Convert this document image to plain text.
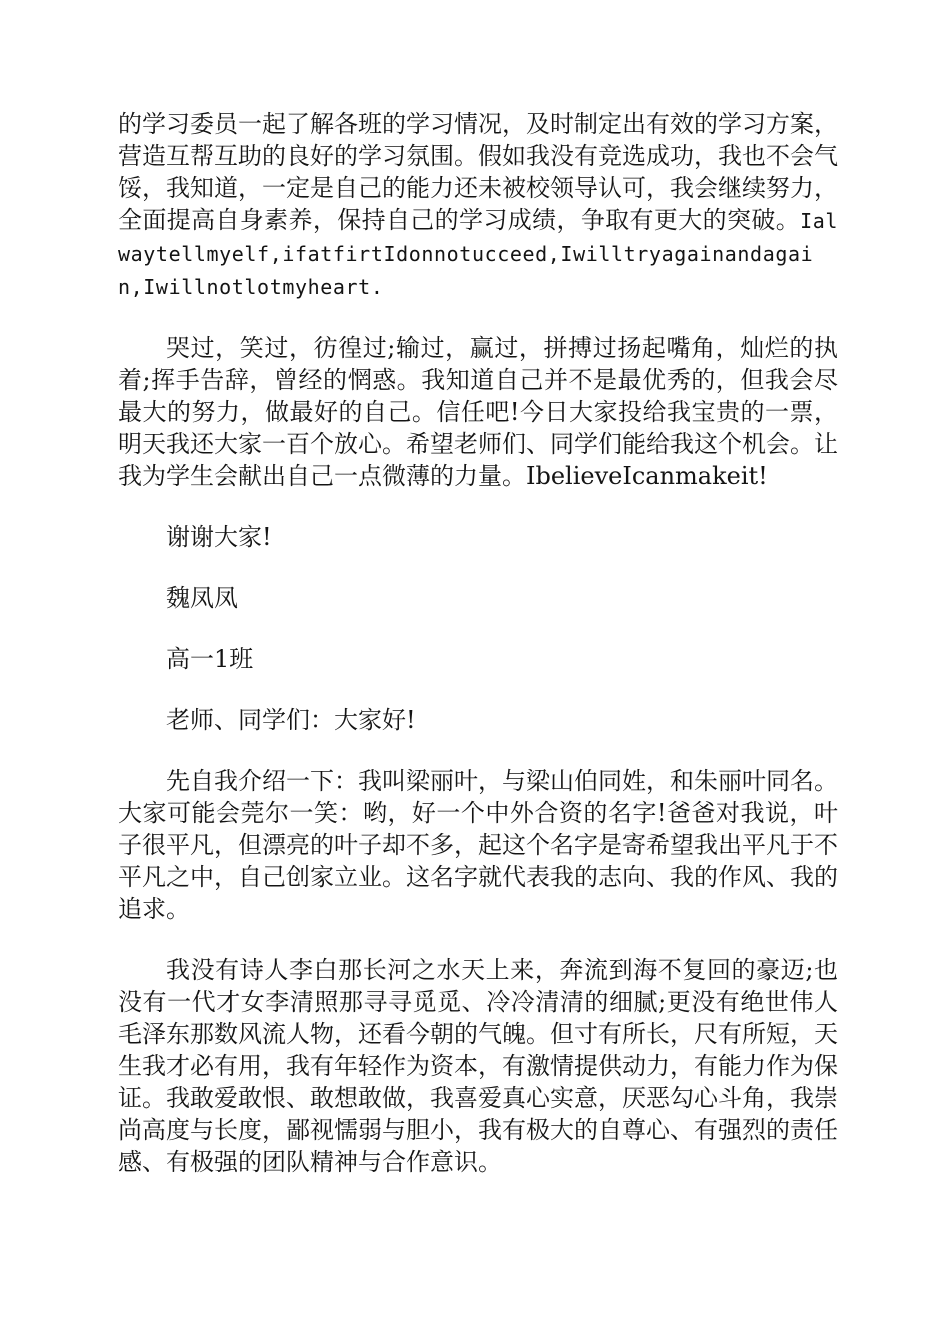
的学习委员一起了解各班的学习情况，及时制定出有效的学习方案，营造互帮互助的良好的学习氛围。假如我没有竞选成功，我也不会气馁，我知道，一定是自己的能力还未被校领导认可，我会继续努力，全面提高自身素养，保持自己的学习成绩，争取有更大的突破。Ialwaytellmyelf,ifatfirtIdonnotucceed,Iwilltryagainandagain,Iwillnotlotmyheart.

哭过，笑过，彷徨过;输过，赢过，拼搏过扬起嘴角，灿烂的执着;挥手告辞，曾经的惘惑。我知道自己并不是最优秀的，但我会尽最大的努力，做最好的自己。信任吧!今日大家投给我宝贵的一票，明天我还大家一百个放心。希望老师们、同学们能给我这个机会。让我为学生会献出自己一点微薄的力量。IbelieveIcanmakeit!

谢谢大家!

魏凤凤

高一1班

老师、同学们：大家好!

先自我介绍一下：我叫梁丽叶，与梁山伯同姓，和朱丽叶同名。大家可能会莞尔一笑：哟，好一个中外合资的名字!爸爸对我说，叶子很平凡，但漂亮的叶子却不多，起这个名字是寄希望我出平凡于不平凡之中，自己创家立业。这名字就代表我的志向、我的作风、我的追求。

我没有诗人李白那长河之水天上来，奔流到海不复回的豪迈;也没有一代才女李清照那寻寻觅觅、冷冷清清的细腻;更没有绝世伟人毛泽东那数风流人物，还看今朝的气魄。但寸有所长，尺有所短，天生我才必有用，我有年轻作为资本，有激情提供动力，有能力作为保证。我敢爱敢恨、敢想敢做，我喜爱真心实意，厌恶勾心斗角，我崇尚高度与长度，鄙视懦弱与胆小，我有极大的自尊心、有强烈的责任感、有极强的团队精神与合作意识。
